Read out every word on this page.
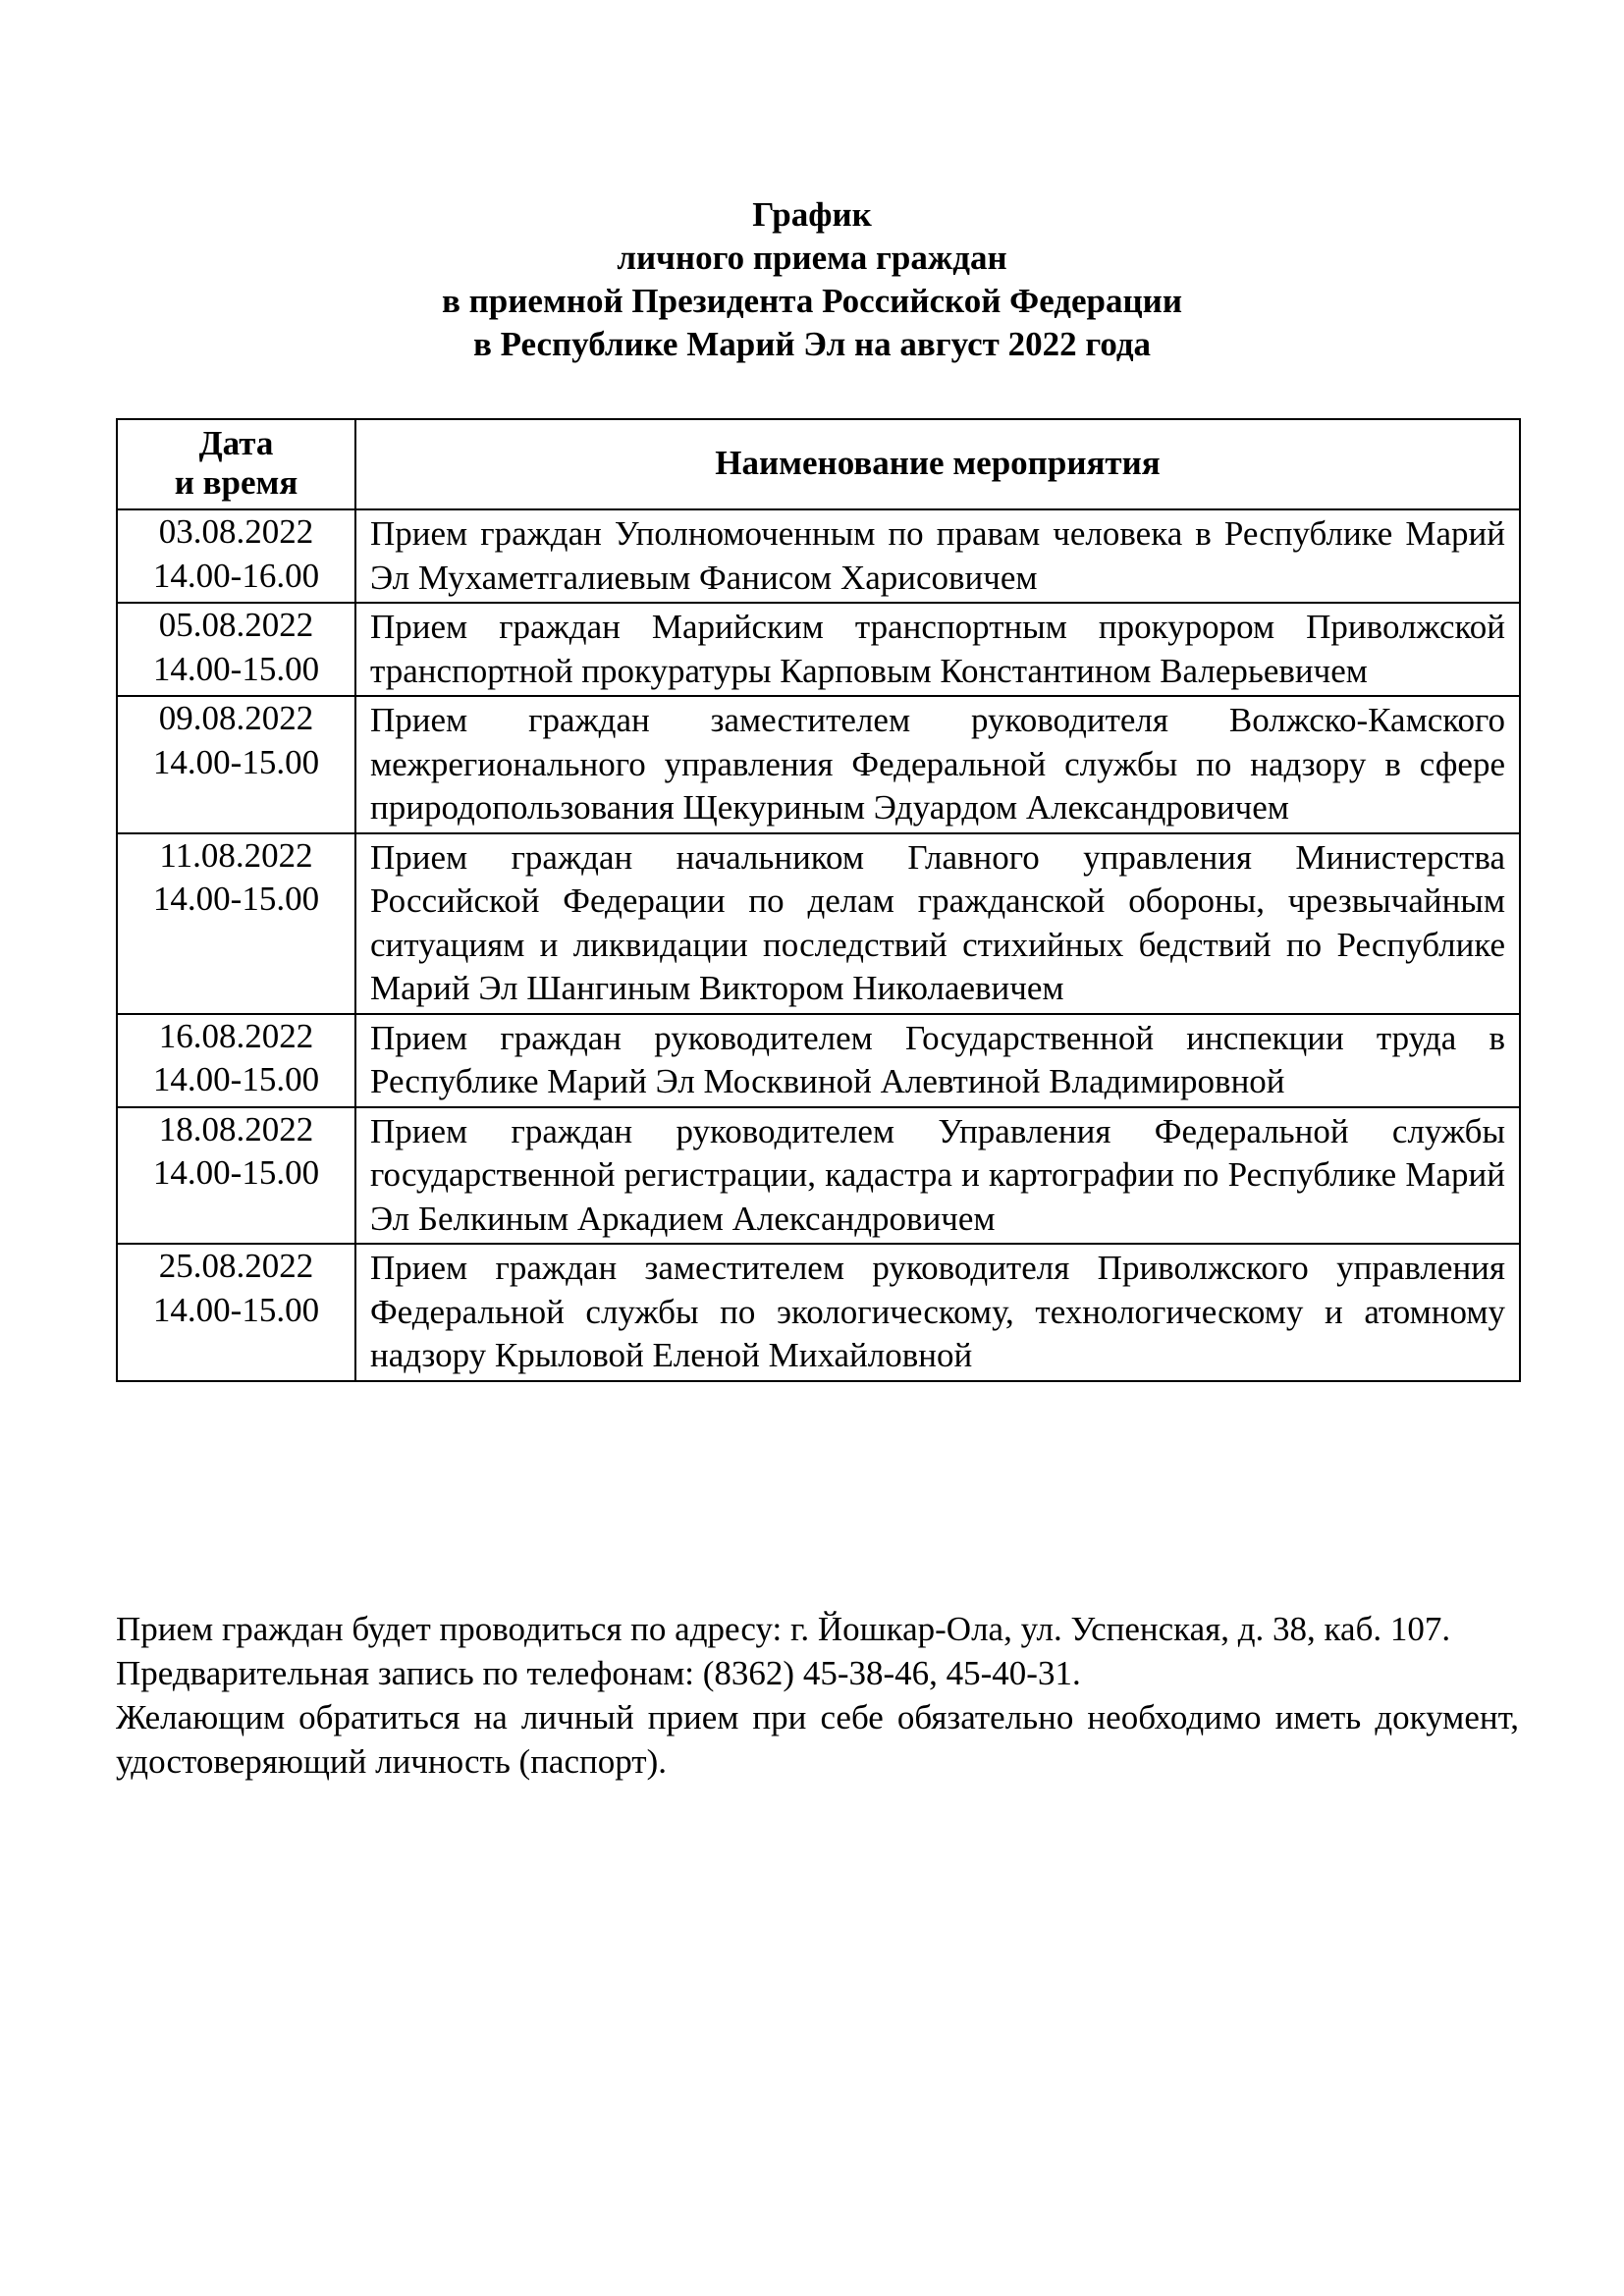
График
личного приема граждан
в приемной Президента Российской Федерации
в Республике Марий Эл на август 2022 года
Дата
и время	Наименование мероприятия

03.08.2022
14.00-16.00	Прием граждан Уполномоченным по правам человека в Республике Марий Эл Мухаметгалиевым Фанисом Харисовичем

05.08.2022
14.00-15.00	Прием граждан Марийским транспортным прокурором Приволжской транспортной прокуратуры Карповым Константином Валерьевичем

09.08.2022
14.00-15.00	Прием граждан заместителем руководителя Волжско-Камского межрегионального управления Федеральной службы по надзору в сфере природопользования Щекуриным Эдуардом Александровичем

11.08.2022
14.00-15.00	Прием граждан начальником Главного управления Министерства Российской Федерации по делам гражданской обороны, чрезвычайным ситуациям и ликвидации последствий стихийных бедствий по Республике Марий Эл Шангиным Виктором Николаевичем

16.08.2022
14.00-15.00	Прием граждан руководителем Государственной инспекции труда в Республике Марий Эл Москвиной Алевтиной Владимировной

18.08.2022
14.00-15.00	Прием граждан руководителем Управления Федеральной службы государственной регистрации, кадастра и картографии по Республике Марий Эл Белкиным Аркадием Александровичем

25.08.2022
14.00-15.00	Прием граждан заместителем руководителя Приволжского управления Федеральной службы по экологическому, технологическому и атомному надзору Крыловой Еленой Михайловной

Прием граждан будет проводиться по адресу: г. Йошкар-Ола, ул. Успенская, д. 38, каб. 107.

Предварительная запись по телефонам: (8362) 45-38-46, 45-40-31.

Желающим обратиться на личный прием при себе обязательно необходимо иметь документ, удостоверяющий личность (паспорт).
